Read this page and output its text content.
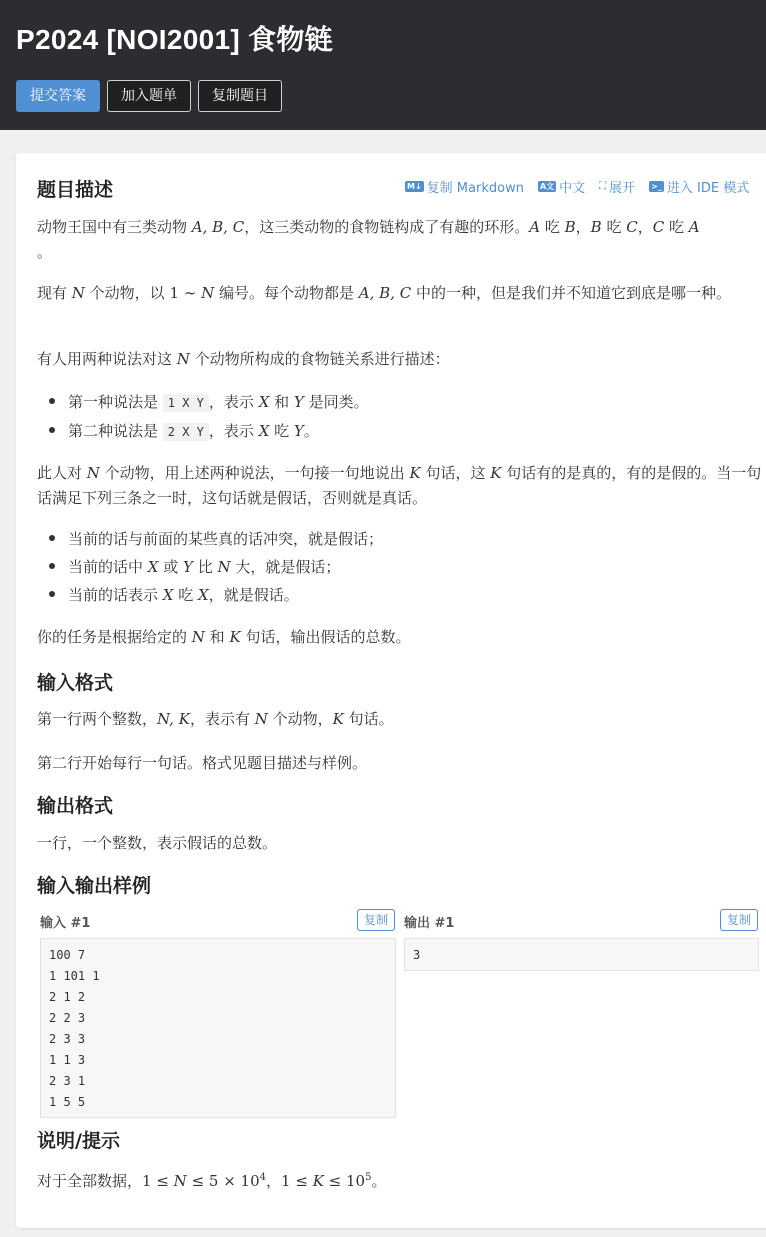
P2024 [NOI2001] 食物链
提交答案	加入题单	复制题目
题目描述	M↓ 复制 Markdown A文 中文 ⛶ 展开 >_ 进入 IDE 模式

动物王国中有三类动物 A, B, C，这三类动物的食物链构成了有趣的环形。A 吃 B，B 吃 C，C 吃 A
。

现有 N 个动物，以 1 ∼ N 编号。每个动物都是 A, B, C 中的一种，但是我们并不知道它到底是哪一种。

有人用两种说法对这 N 个动物所构成的食物链关系进行描述：

第一种说法是 1 X Y ，表示 X 和 Y 是同类。
第二种说法是 2 X Y ，表示 X 吃 Y。

此人对 N 个动物，用上述两种说法，一句接一句地说出 K 句话，这 K 句话有的是真的，有的是假的。当一句话满足下列三条之一时，这句话就是假话，否则就是真话。

当前的话与前面的某些真的话冲突，就是假话；
当前的话中 X 或 Y 比 N 大，就是假话；
当前的话表示 X 吃 X，就是假话。

你的任务是根据给定的 N 和 K 句话，输出假话的总数。

输入格式

第一行两个整数，N, K，表示有 N 个动物，K 句话。

第二行开始每行一句话。格式见题目描述与样例。

输出格式

一行，一个整数，表示假话的总数。

输入输出样例
输入 #1	复制
100 7
1 101 1
2 1 2
2 2 3
2 3 3
1 1 3
2 3 1
1 5 5
输出 #1	复制
3
说明/提示

对于全部数据，$1 \le N \le 5 \times 10^4$，$1 \le K \le 10^5$。
